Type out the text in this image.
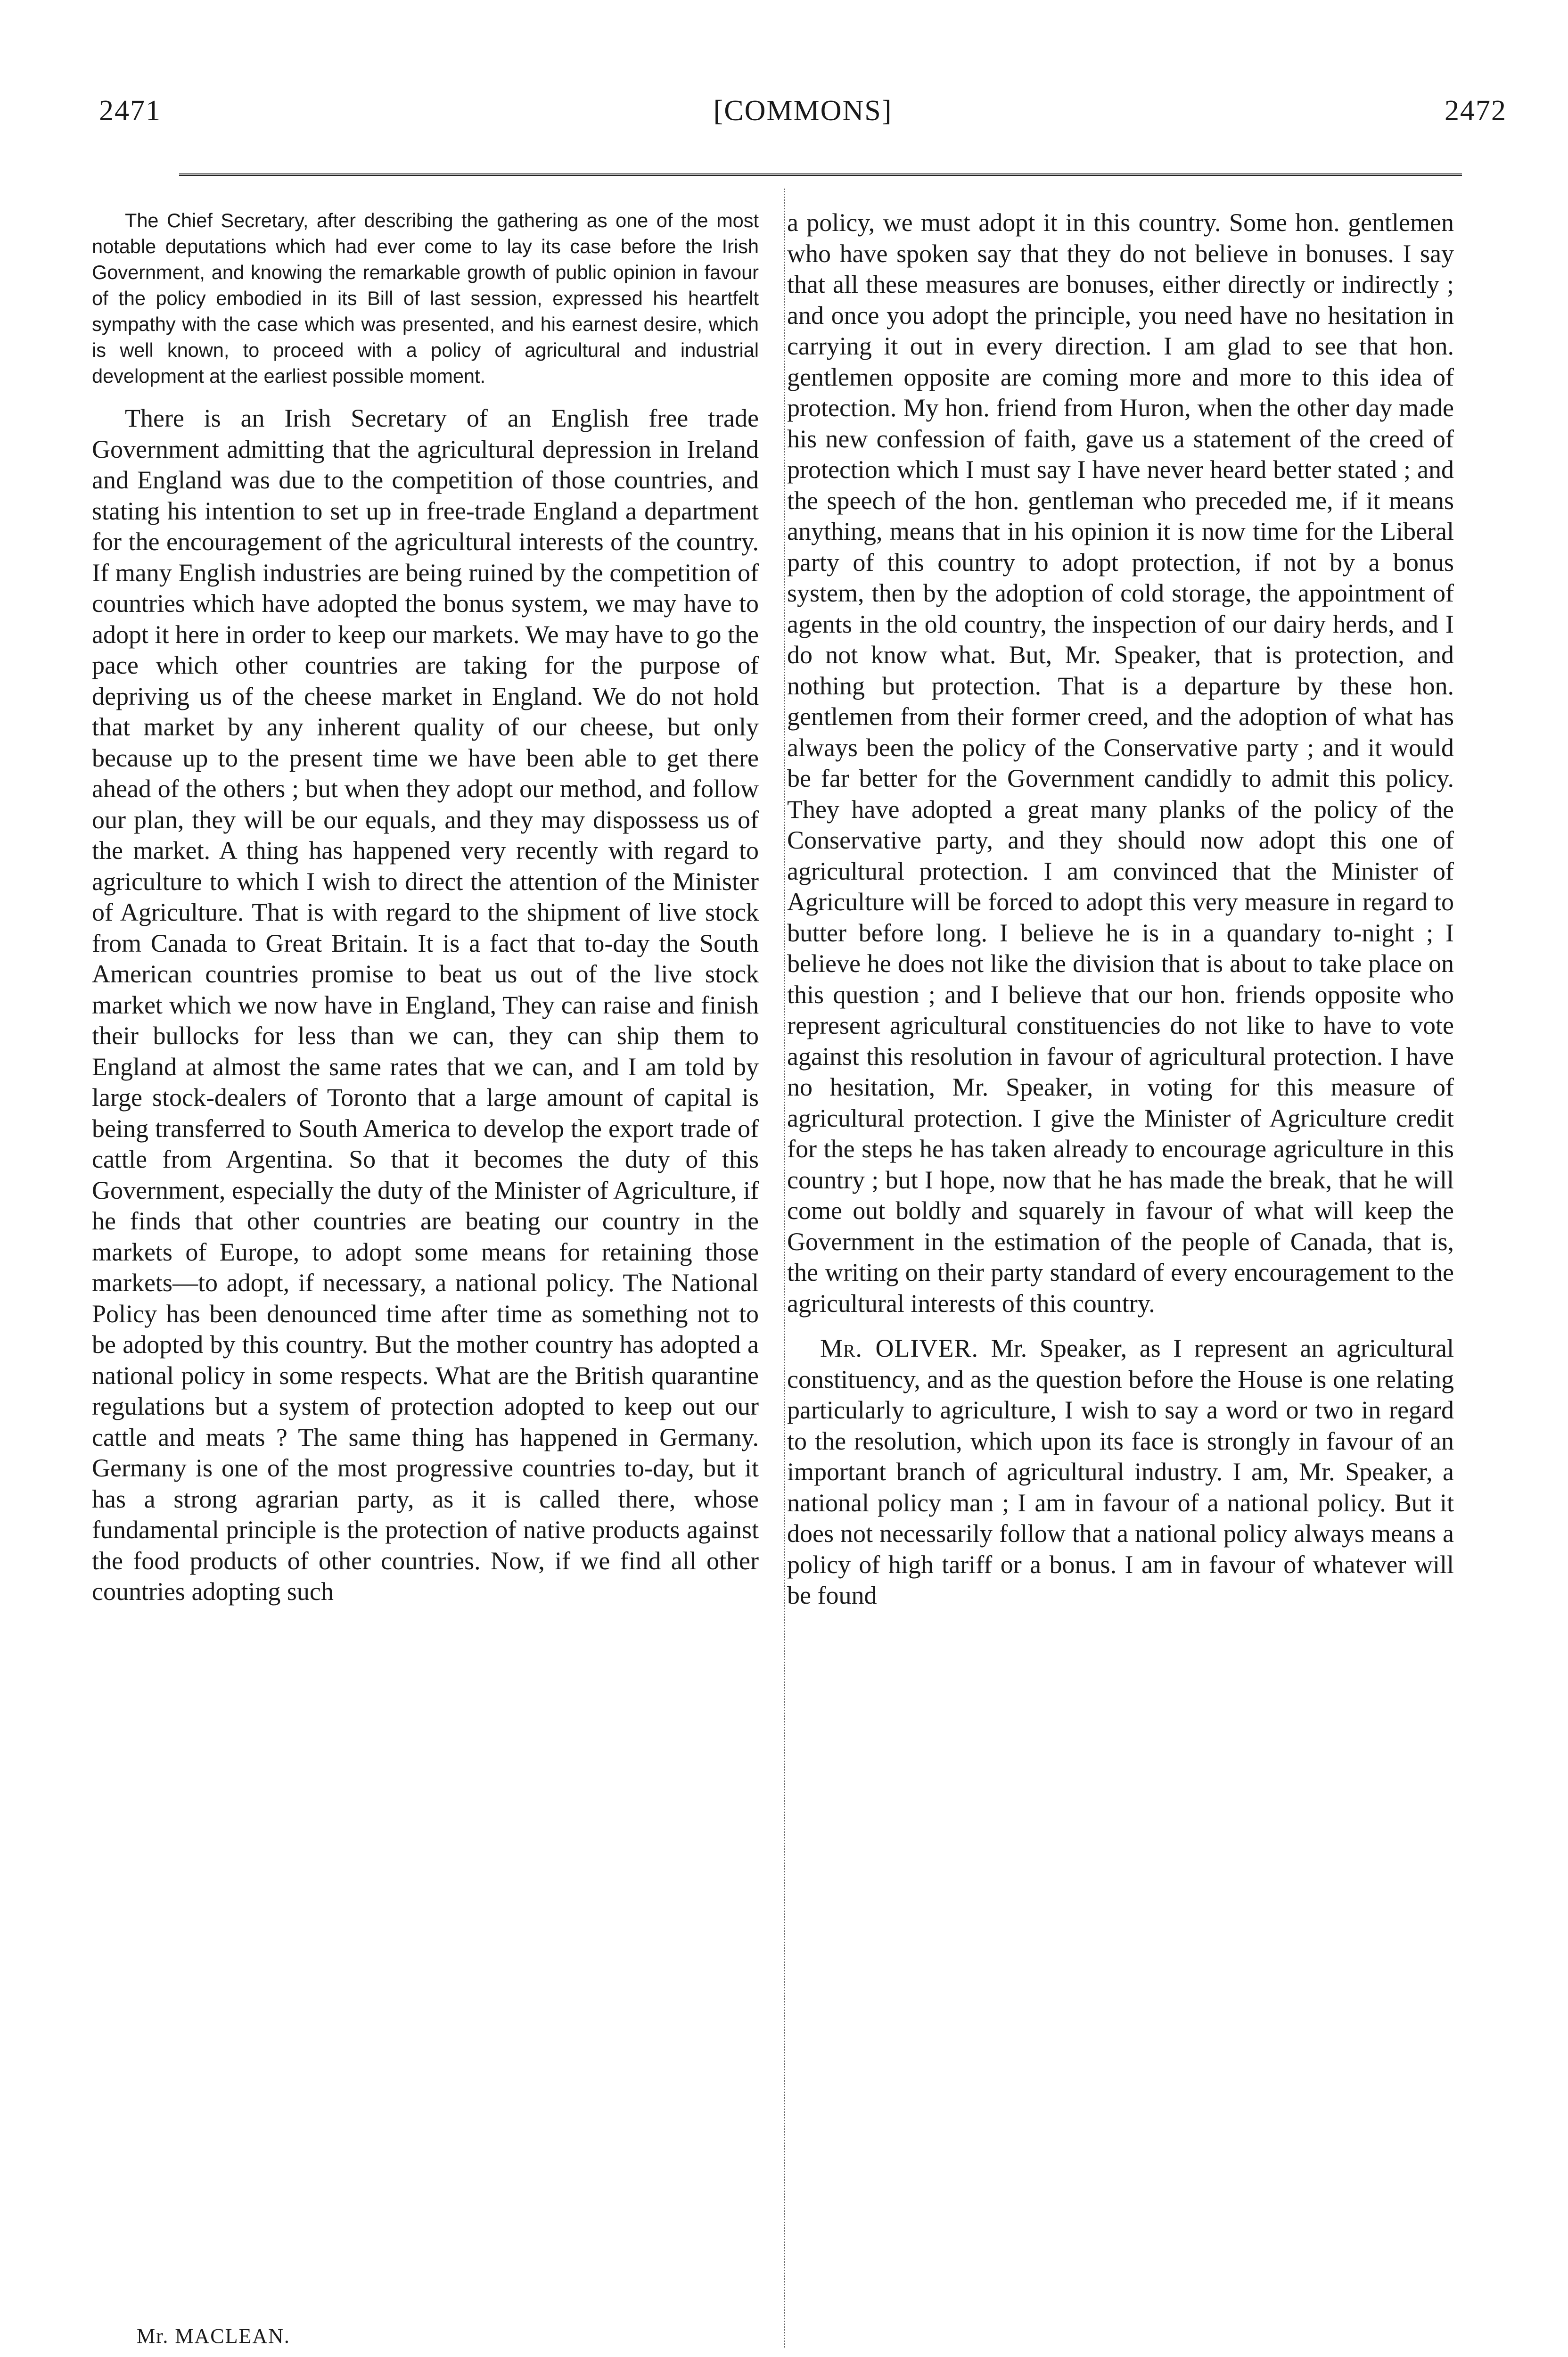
2471	[COMMONS]	2472

The Chief Secretary, after describing the gathering as one of the most notable deputations which had ever come to lay its case before the Irish Government, and knowing the remarkable growth of public opinion in favour of the policy embodied in its Bill of last session, expressed his heartfelt sympathy with the case which was presented, and his earnest desire, which is well known, to proceed with a policy of agricultural and industrial development at the earliest possible moment.

There is an Irish Secretary of an English free trade Government admitting that the agricultural depression in Ireland and England was due to the competition of those countries, and stating his intention to set up in free-trade England a department for the encouragement of the agricultural interests of the country. If many English industries are being ruined by the competition of countries which have adopted the bonus system, we may have to adopt it here in order to keep our markets. We may have to go the pace which other countries are taking for the purpose of depriving us of the cheese market in England. We do not hold that market by any inherent quality of our cheese, but only because up to the present time we have been able to get there ahead of the others ; but when they adopt our method, and follow our plan, they will be our equals, and they may dispossess us of the market. A thing has happened very recently with regard to agriculture to which I wish to direct the attention of the Minister of Agriculture. That is with regard to the shipment of live stock from Canada to Great Britain. It is a fact that to-day the South American countries promise to beat us out of the live stock market which we now have in England, They can raise and finish their bullocks for less than we can, they can ship them to England at almost the same rates that we can, and I am told by large stock-dealers of Toronto that a large amount of capital is being transferred to South America to develop the export trade of cattle from Argentina. So that it becomes the duty of this Government, especially the duty of the Minister of Agriculture, if he finds that other countries are beating our country in the markets of Europe, to adopt some means for retaining those markets—to adopt, if necessary, a national policy. The National Policy has been denounced time after time as something not to be adopted by this country. But the mother country has adopted a national policy in some respects. What are the British quarantine regulations but a system of protection adopted to keep out our cattle and meats ? The same thing has happened in Germany. Germany is one of the most progressive countries to-day, but it has a strong agrarian party, as it is called there, whose fundamental principle is the protection of native products against the food products of other countries. Now, if we find all other countries adopting such

a policy, we must adopt it in this country. Some hon. gentlemen who have spoken say that they do not believe in bonuses. I say that all these measures are bonuses, either directly or indirectly ; and once you adopt the principle, you need have no hesitation in carrying it out in every direction. I am glad to see that hon. gentlemen opposite are coming more and more to this idea of protection. My hon. friend from Huron, when the other day made his new confession of faith, gave us a statement of the creed of protection which I must say I have never heard better stated ; and the speech of the hon. gentleman who preceded me, if it means anything, means that in his opinion it is now time for the Liberal party of this country to adopt protection, if not by a bonus system, then by the adoption of cold storage, the appointment of agents in the old country, the inspection of our dairy herds, and I do not know what. But, Mr. Speaker, that is protection, and nothing but protection. That is a departure by these hon. gentlemen from their former creed, and the adoption of what has always been the policy of the Conservative party ; and it would be far better for the Government candidly to admit this policy. They have adopted a great many planks of the policy of the Conservative party, and they should now adopt this one of agricultural protection. I am convinced that the Minister of Agriculture will be forced to adopt this very measure in regard to butter before long. I believe he is in a quandary to-night ; I believe he does not like the division that is about to take place on this question ; and I believe that our hon. friends opposite who represent agricultural constituencies do not like to have to vote against this resolution in favour of agricultural protection. I have no hesitation, Mr. Speaker, in voting for this measure of agricultural protection. I give the Minister of Agriculture credit for the steps he has taken already to encourage agriculture in this country ; but I hope, now that he has made the break, that he will come out boldly and squarely in favour of what will keep the Government in the estimation of the people of Canada, that is, the writing on their party standard of every encouragement to the agricultural interests of this country.

Mr. OLIVER. Mr. Speaker, as I represent an agricultural constituency, and as the question before the House is one relating particularly to agriculture, I wish to say a word or two in regard to the resolution, which upon its face is strongly in favour of an important branch of agricultural industry. I am, Mr. Speaker, a national policy man ; I am in favour of a national policy. But it does not necessarily follow that a national policy always means a policy of high tariff or a bonus. I am in favour of whatever will be found

Mr. MACLEAN.
